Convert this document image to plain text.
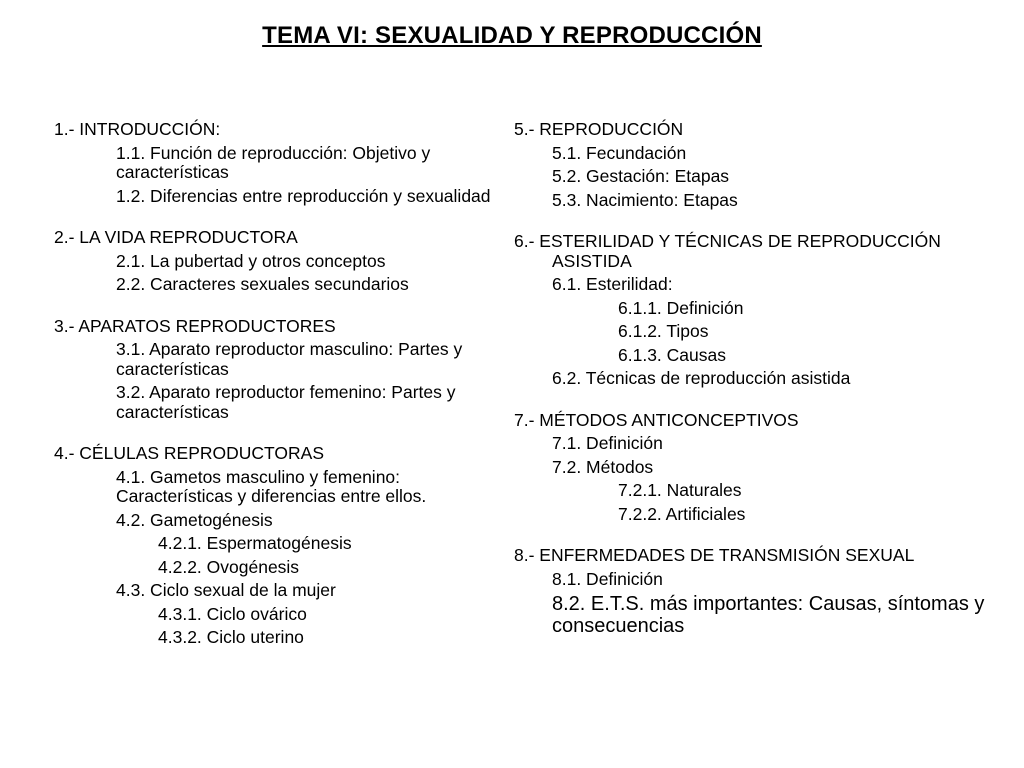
TEMA VI: SEXUALIDAD Y REPRODUCCIÓN
1.- INTRODUCCIÓN:
1.1. Función de reproducción: Objetivo y características
1.2. Diferencias entre reproducción y sexualidad
2.- LA VIDA REPRODUCTORA
2.1. La pubertad y otros conceptos
2.2. Caracteres sexuales secundarios
3.- APARATOS REPRODUCTORES
3.1. Aparato reproductor masculino: Partes y características
3.2. Aparato reproductor femenino: Partes y características
4.- CÉLULAS REPRODUCTORAS
4.1. Gametos masculino y femenino: Características y diferencias entre ellos.
4.2. Gametogénesis
4.2.1. Espermatogénesis
4.2.2. Ovogénesis
4.3. Ciclo sexual de la mujer
4.3.1. Ciclo ovárico
4.3.2. Ciclo uterino
5.- REPRODUCCIÓN
5.1. Fecundación
5.2. Gestación: Etapas
5.3. Nacimiento: Etapas
6.- ESTERILIDAD Y TÉCNICAS DE REPRODUCCIÓN ASISTIDA
6.1. Esterilidad:
6.1.1. Definición
6.1.2. Tipos
6.1.3. Causas
6.2. Técnicas de reproducción asistida
7.- MÉTODOS ANTICONCEPTIVOS
7.1. Definición
7.2. Métodos
7.2.1. Naturales
7.2.2. Artificiales
8.- ENFERMEDADES DE TRANSMISIÓN SEXUAL
8.1. Definición
8.2. E.T.S. más importantes: Causas, síntomas y consecuencias
